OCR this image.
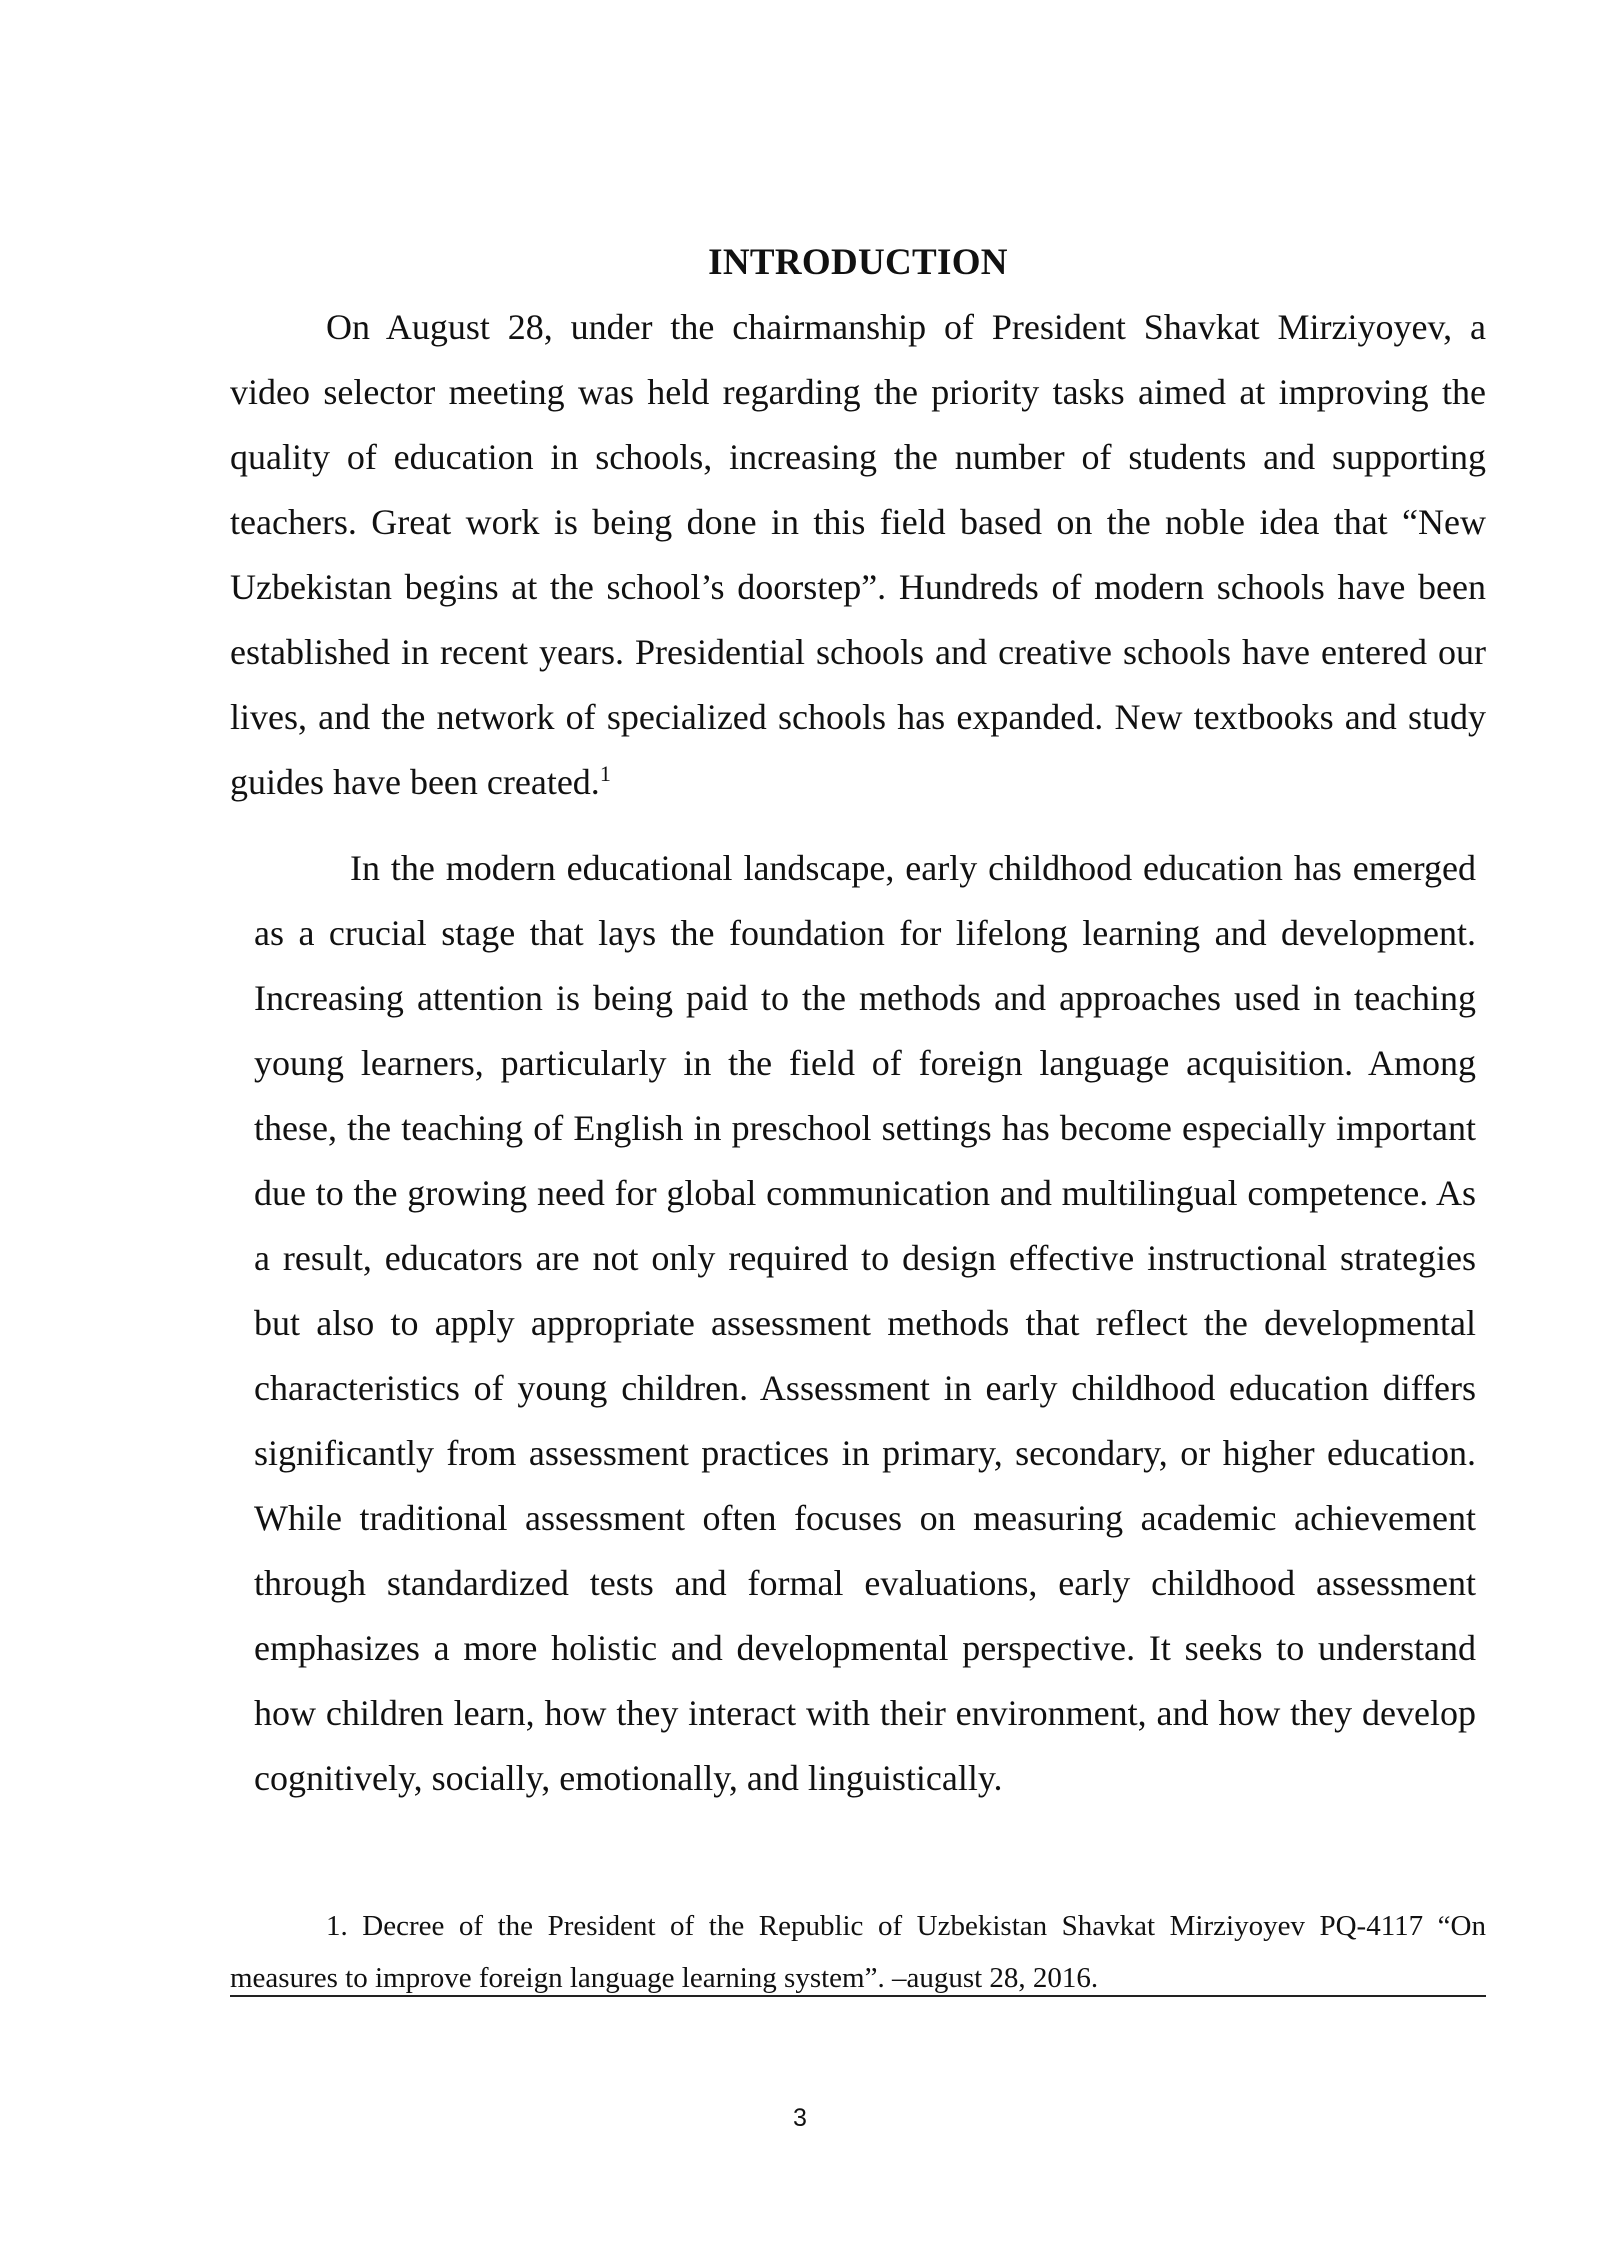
INTRODUCTION

On August 28, under the chairmanship of President Shavkat Mirziyoyev, a video selector meeting was held regarding the priority tasks aimed at improving the quality of education in schools, increasing the number of students and supporting teachers. Great work is being done in this field based on the noble idea that “New Uzbekistan begins at the school’s doorstep”. Hundreds of modern schools have been established in recent years. Presidential schools and creative schools have entered our lives, and the network of specialized schools has expanded. New textbooks and study guides have been created.$^1$

In the modern educational landscape, early childhood education has emerged as a crucial stage that lays the foundation for lifelong learning and development. Increasing attention is being paid to the methods and approaches used in teaching young learners, particularly in the field of foreign language acquisition. Among these, the teaching of English in preschool settings has become especially important due to the growing need for global communication and multilingual competence. As a result, educators are not only required to design effective instructional strategies but also to apply appropriate assessment methods that reflect the developmental characteristics of young children. Assessment in early childhood education differs significantly from assessment practices in primary, secondary, or higher education. While traditional assessment often focuses on measuring academic achievement through standardized tests and formal evaluations, early childhood assessment emphasizes a more holistic and developmental perspective. It seeks to understand how children learn, how they interact with their environment, and how they develop cognitively, socially, emotionally, and linguistically.

1. Decree of the President of the Republic of Uzbekistan Shavkat Mirziyoyev PQ-4117 “On measures to improve foreign language learning system”. –august 28, 2016.

3
